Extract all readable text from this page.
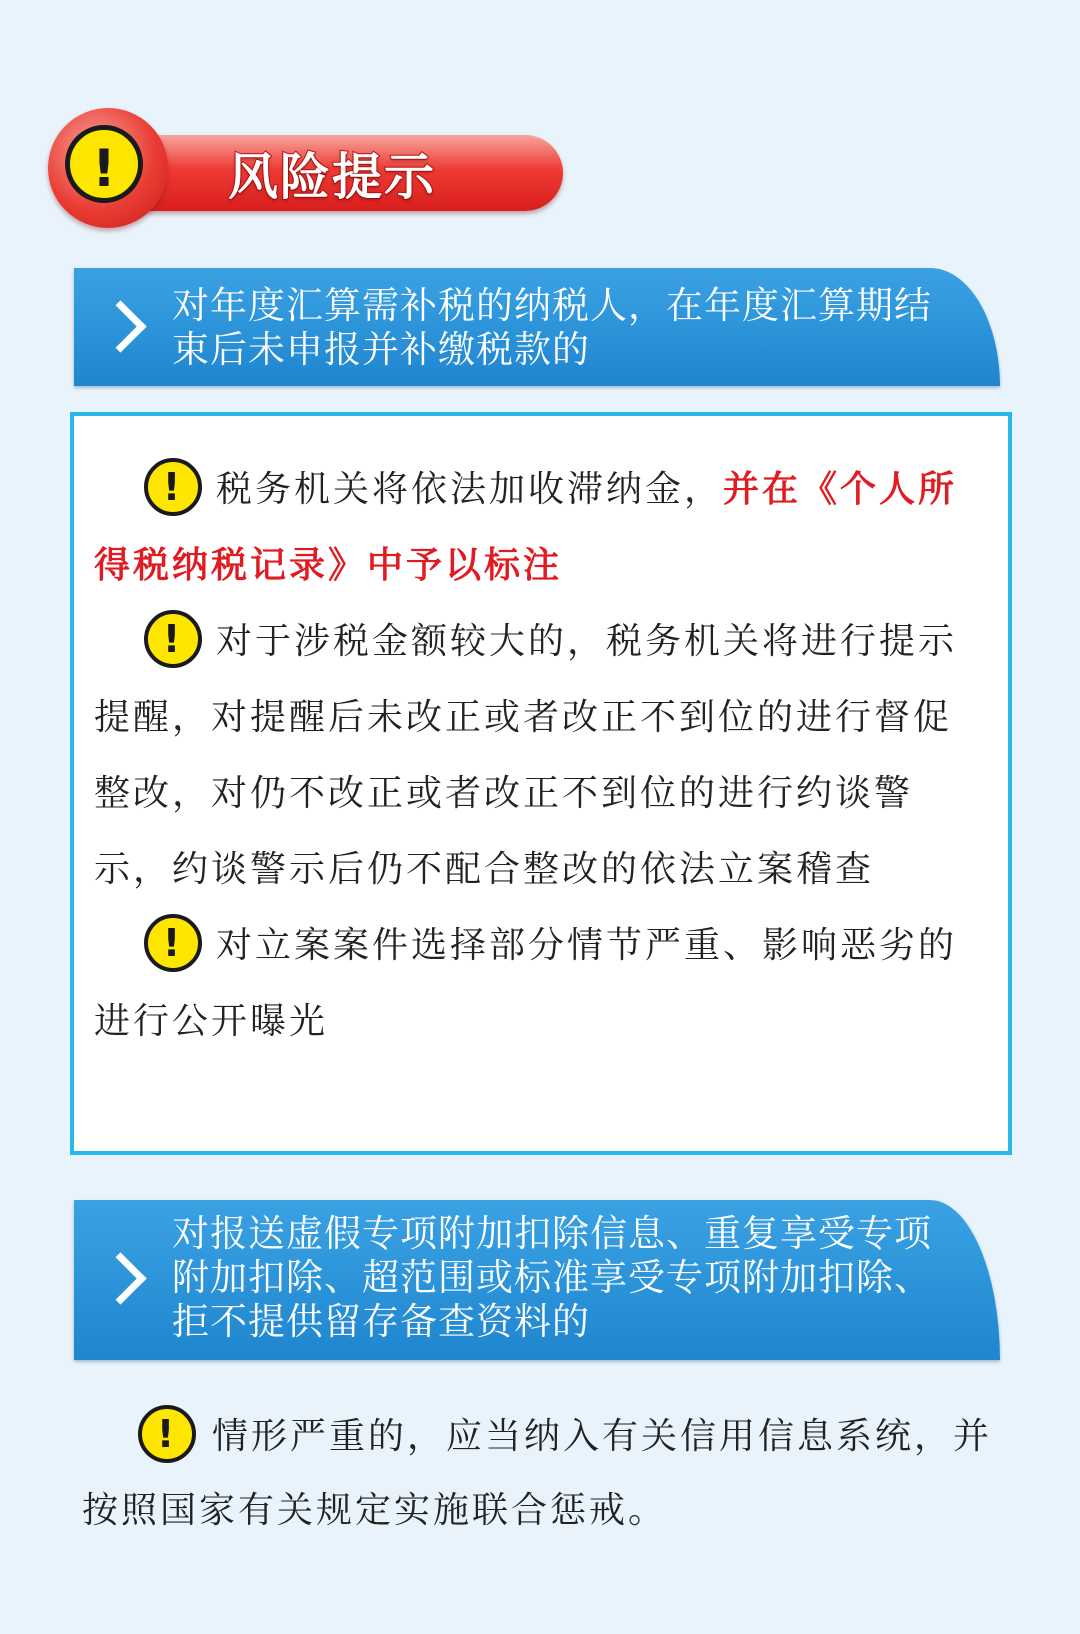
!	风险提示
对年度汇算需补税的纳税人，在年度汇算期结束后未申报并补缴税款的

! 税务机关将依法加收滞纳金，并在《个人所得税纳税记录》中予以标注

! 对于涉税金额较大的，税务机关将进行提示提醒，对提醒后未改正或者改正不到位的进行督促整改，对仍不改正或者改正不到位的进行约谈警示，约谈警示后仍不配合整改的依法立案稽查

! 对立案案件选择部分情节严重、影响恶劣的进行公开曝光

对报送虚假专项附加扣除信息、重复享受专项附加扣除、超范围或标准享受专项附加扣除、拒不提供留存备查资料的

! 情形严重的，应当纳入有关信用信息系统，并按照国家有关规定实施联合惩戒。
